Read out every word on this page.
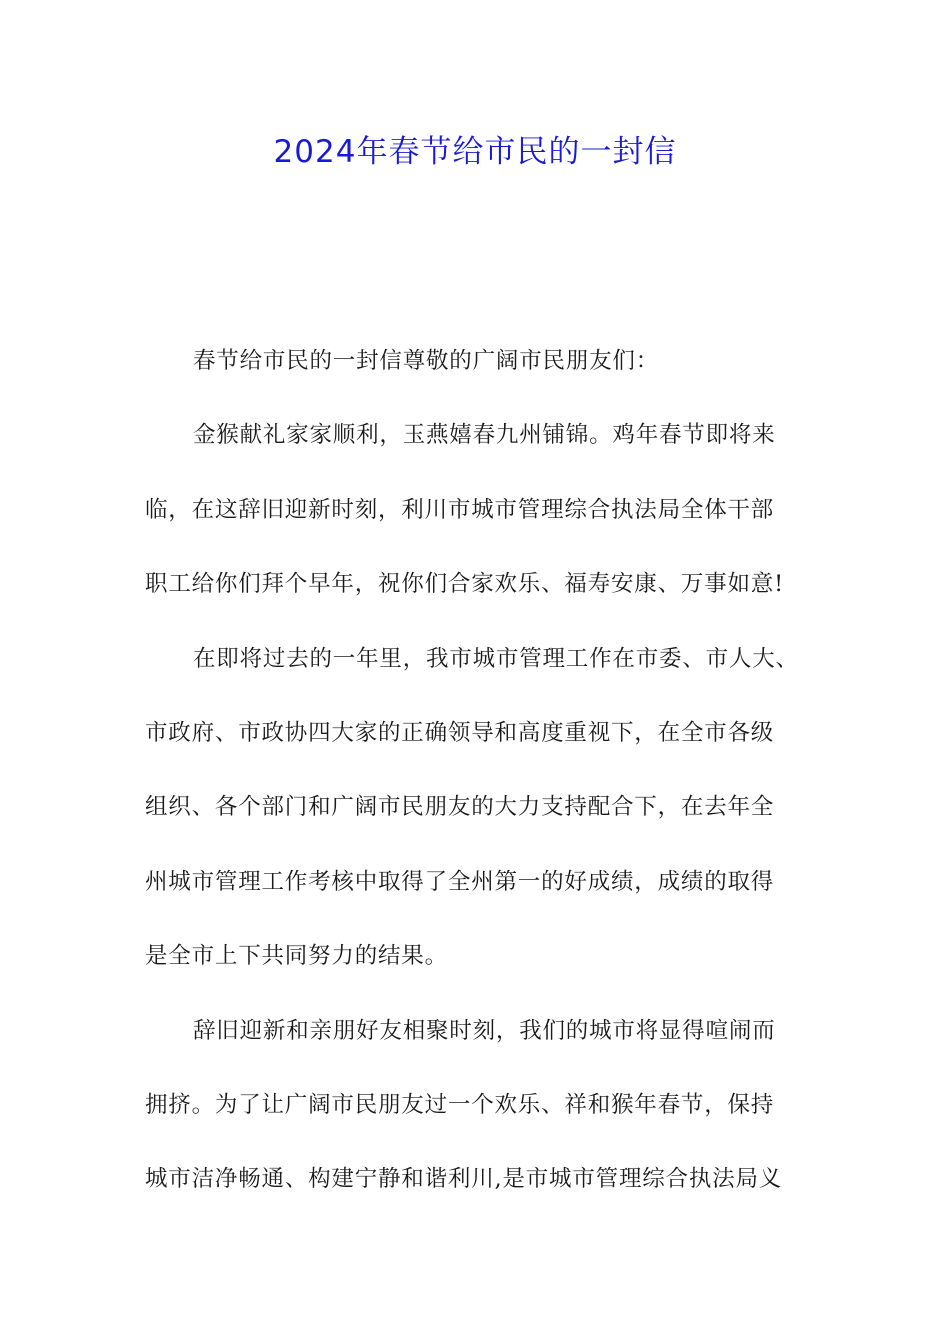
2024年春节给市民的一封信
春节给市民的一封信尊敬的广阔市民朋友们：
金猴献礼家家顺利，玉燕嬉春九州铺锦。鸡年春节即将来
临，在这辞旧迎新时刻，利川市城市管理综合执法局全体干部
职工给你们拜个早年，祝你们合家欢乐、福寿安康、万事如意!
在即将过去的一年里，我市城市管理工作在市委、市人大、
市政府、市政协四大家的正确领导和高度重视下，在全市各级
组织、各个部门和广阔市民朋友的大力支持配合下，在去年全
州城市管理工作考核中取得了全州第一的好成绩，成绩的取得
是全市上下共同努力的结果。
辞旧迎新和亲朋好友相聚时刻，我们的城市将显得喧闹而
拥挤。为了让广阔市民朋友过一个欢乐、祥和猴年春节，保持
城市洁净畅通、构建宁静和谐利川,是市城市管理综合执法局义
